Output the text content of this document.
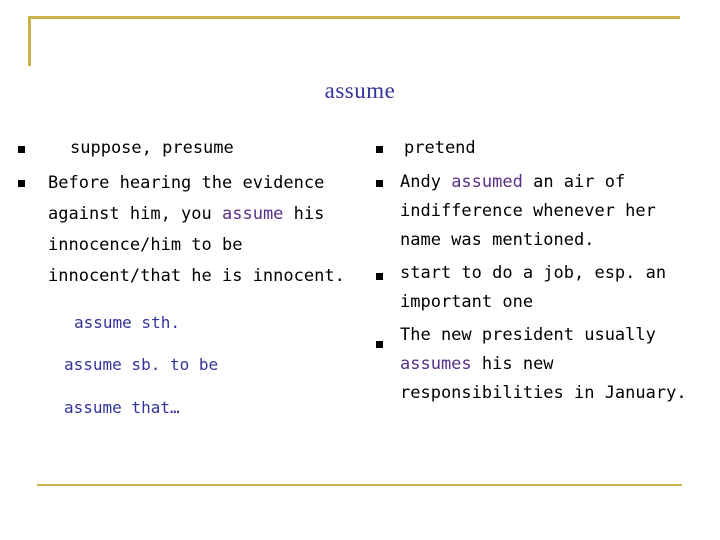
assume
suppose, presume
Before hearing the evidence
against him, you assume his
innocence/him to be
innocent/that he is innocent.
assume sth.
assume sb. to be
assume that…
pretend
Andy assumed an air of
indifference whenever her
name was mentioned.
start to do a job, esp. an
important one
The new president usually
assumes his new
responsibilities in January.
